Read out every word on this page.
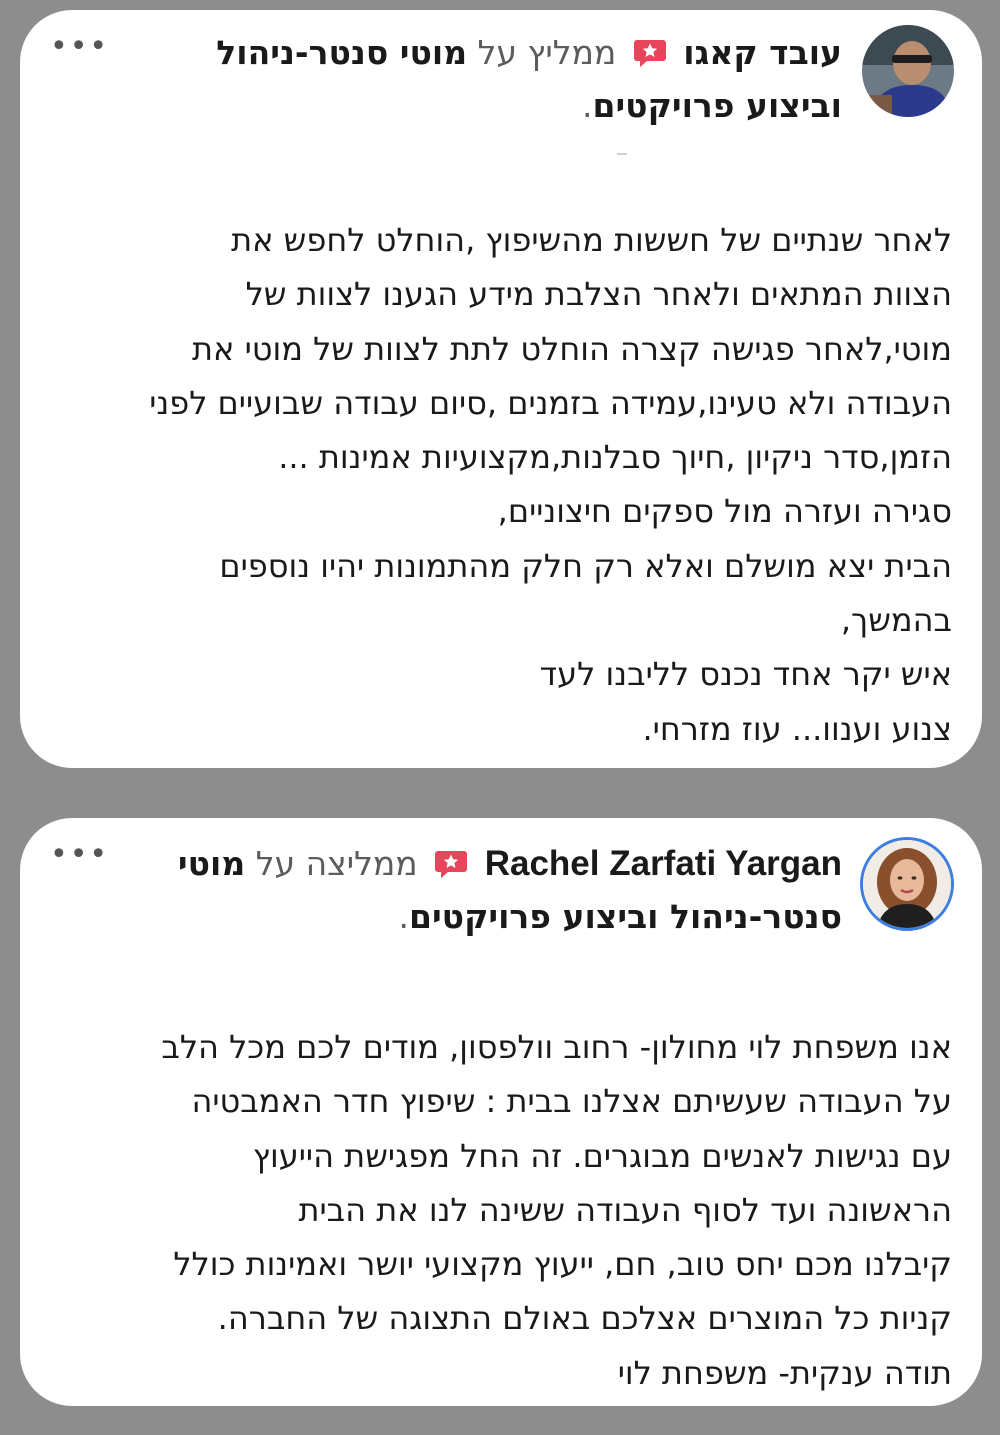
•••	עובד קאגו  ממליץ על מוטי סנטר-ניהול וביצוע פרויקטים.
לאחר שנתיים של חששות מהשיפוץ ,הוחלט לחפש את
הצוות המתאים ולאחר הצלבת מידע הגענו לצוות של
מוטי,לאחר פגישה קצרה הוחלט לתת לצוות של מוטי את
העבודה ולא טעינו,עמידה בזמנים ,סיום עבודה שבועיים לפני
הזמן,סדר ניקיון ,חיוך סבלנות,מקצועיות אמינות ...
סגירה ועזרה מול ספקים חיצוניים,
הבית יצא מושלם ואלא רק חלק מהתמונות יהיו נוספים
בהמשך,
איש יקר אחד נכנס לליבנו לעד
צנוע וענוו... עוז מזרחי.
•••	Rachel Zarfati Yargan  ממליצה על מוטי סנטר-ניהול וביצוע פרויקטים.
אנו משפחת לוי מחולון- רחוב וולפסון, מודים לכם מכל הלב
על העבודה שעשיתם אצלנו בבית : שיפוץ חדר האמבטיה
עם נגישות לאנשים מבוגרים. זה החל מפגישת הייעוץ
הראשונה ועד לסוף העבודה ששינה לנו את הבית
קיבלנו מכם יחס טוב, חם, ייעוץ מקצועי יושר ואמינות כולל
קניות כל המוצרים אצלכם באולם התצוגה של החברה.
תודה ענקית- משפחת לוי
